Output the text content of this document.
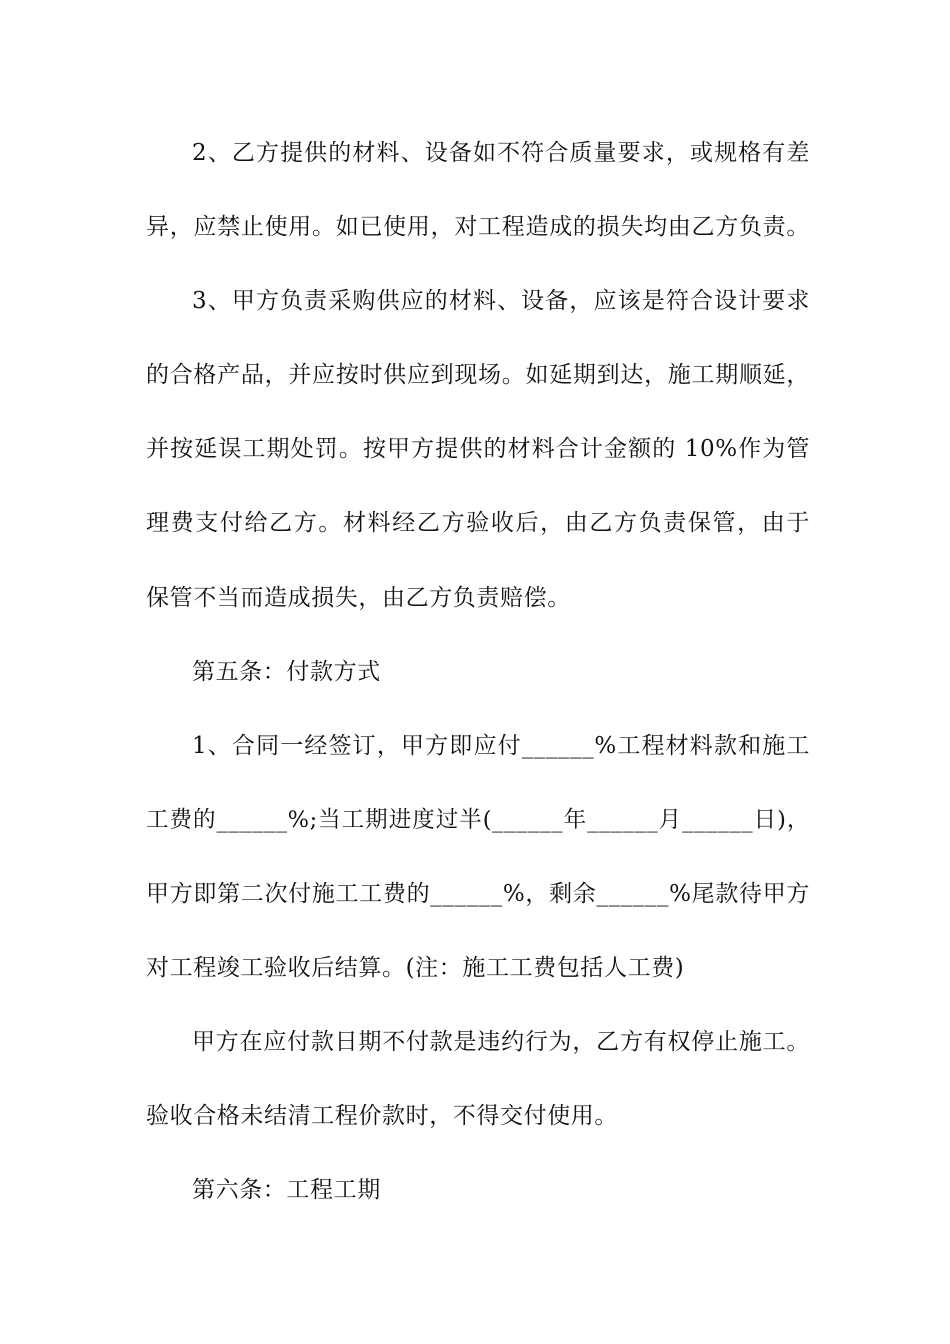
2、乙方提供的材料、设备如不符合质量要求，或规格有差
异，应禁止使用。如已使用，对工程造成的损失均由乙方负责。
3、甲方负责采购供应的材料、设备，应该是符合设计要求
的合格产品，并应按时供应到现场。如延期到达，施工期顺延，
并按延误工期处罚。按甲方提供的材料合计金额的 10%作为管
理费支付给乙方。材料经乙方验收后，由乙方负责保管，由于
保管不当而造成损失，由乙方负责赔偿。
第五条：付款方式
1、合同一经签订，甲方即应付______%工程材料款和施工
工费的______%;当工期进度过半(______年______月______日)，
甲方即第二次付施工工费的______%，剩余______%尾款待甲方
对工程竣工验收后结算。(注：施工工费包括人工费)
甲方在应付款日期不付款是违约行为，乙方有权停止施工。
验收合格未结清工程价款时，不得交付使用。
第六条：工程工期
